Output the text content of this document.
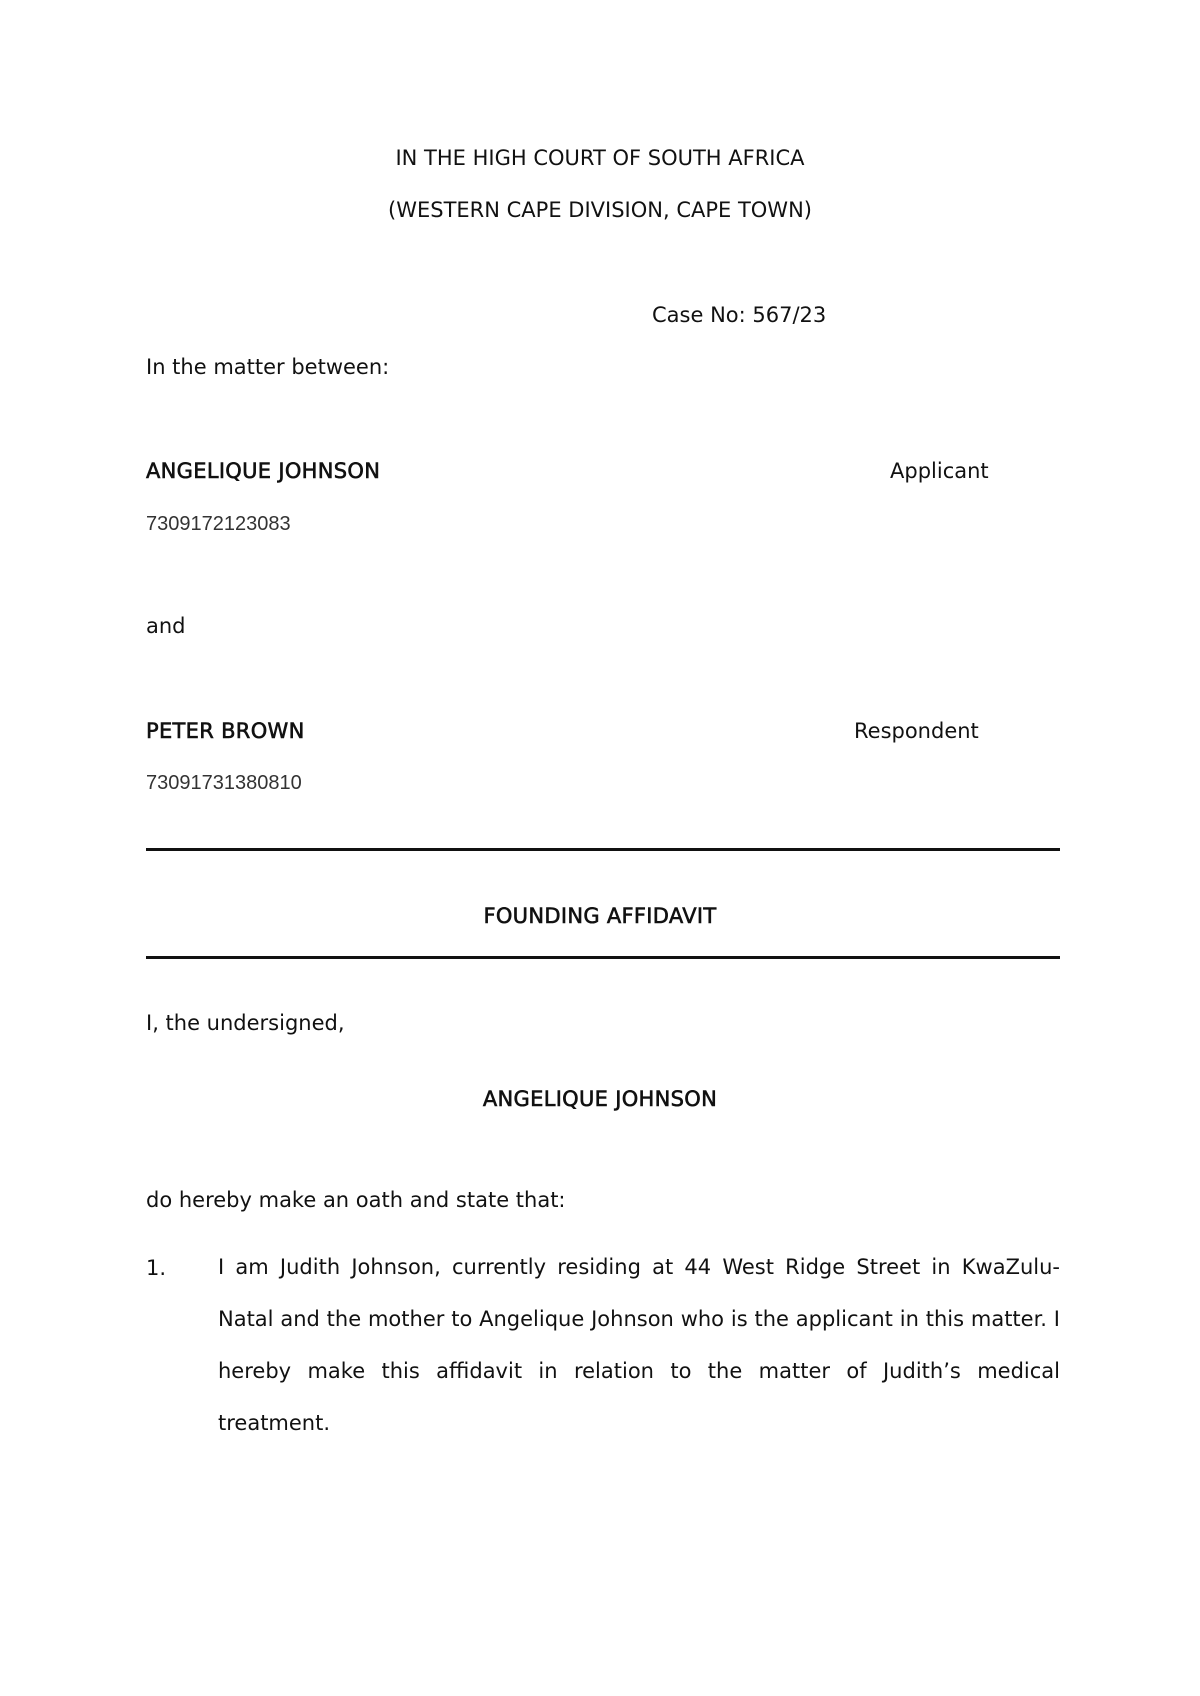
IN THE HIGH COURT OF SOUTH AFRICA
(WESTERN CAPE DIVISION, CAPE TOWN)
Case No: 567/23
In the matter between:
ANGELIQUE JOHNSON	Applicant
7309172123083
and
PETER BROWN	Respondent
73091731380810
FOUNDING AFFIDAVIT
I, the undersigned,
ANGELIQUE JOHNSON
do hereby make an oath and state that:
1. I am Judith Johnson, currently residing at 44 West Ridge Street in KwaZulu-Natal and the mother to Angelique Johnson who is the applicant in this matter. I hereby make this affidavit in relation to the matter of Judith’s medical treatment.
